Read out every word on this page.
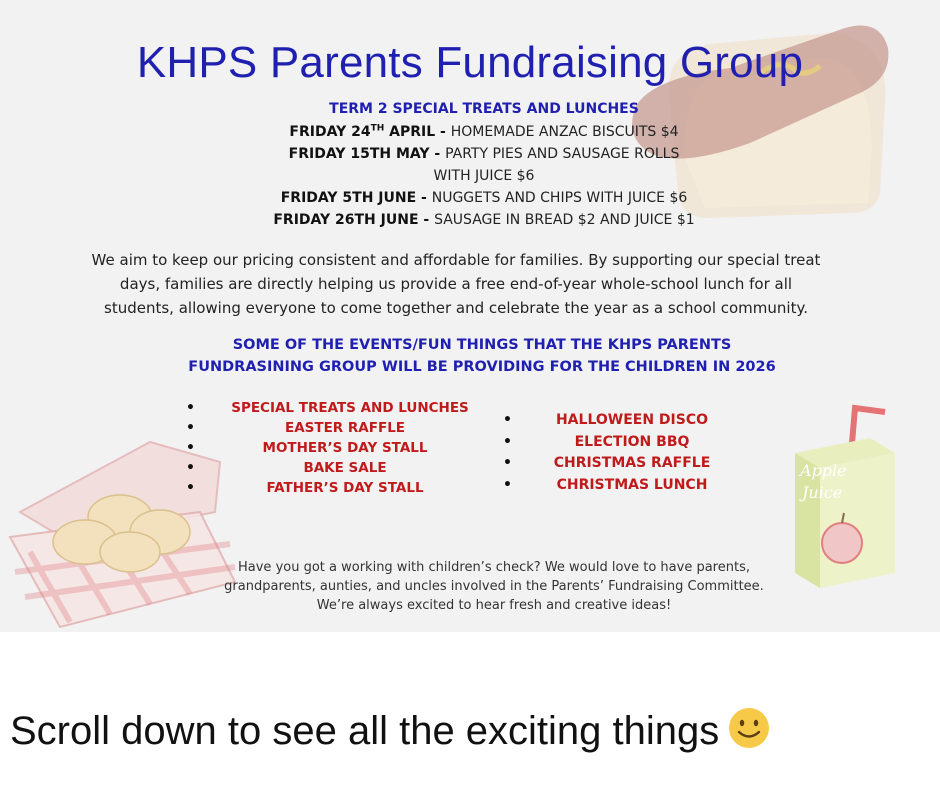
Apple
Juice
KHPS Parents Fundraising Group
TERM 2 SPECIAL TREATS AND LUNCHES
FRIDAY 24TH APRIL - HOMEMADE ANZAC BISCUITS $4
FRIDAY 15TH MAY - PARTY PIES AND SAUSAGE ROLLS
WITH JUICE $6
FRIDAY 5TH JUNE - NUGGETS AND CHIPS WITH JUICE $6
FRIDAY 26TH JUNE - SAUSAGE IN BREAD $2 AND JUICE $1
We aim to keep our pricing consistent and affordable for families. By supporting our special treat
days, families are directly helping us provide a free end-of-year whole-school lunch for all
students, allowing everyone to come together and celebrate the year as a school community.
SOME OF THE EVENTS/FUN THINGS THAT THE KHPS PARENTS
FUNDRASINING GROUP WILL BE PROVIDING FOR THE CHILDREN IN 2026
•	SPECIAL TREATS AND LUNCHES
•	EASTER RAFFLE
•	MOTHER’S DAY STALL
•	BAKE SALE
•	FATHER’S DAY STALL
•	HALLOWEEN DISCO
•	ELECTION BBQ
•	CHRISTMAS RAFFLE
•	CHRISTMAS LUNCH
Have you got a working with children’s check? We would love to have parents,
grandparents, aunties, and uncles involved in the Parents’ Fundraising Committee.
We’re always excited to hear fresh and creative ideas!
Scroll down to see all the exciting things
